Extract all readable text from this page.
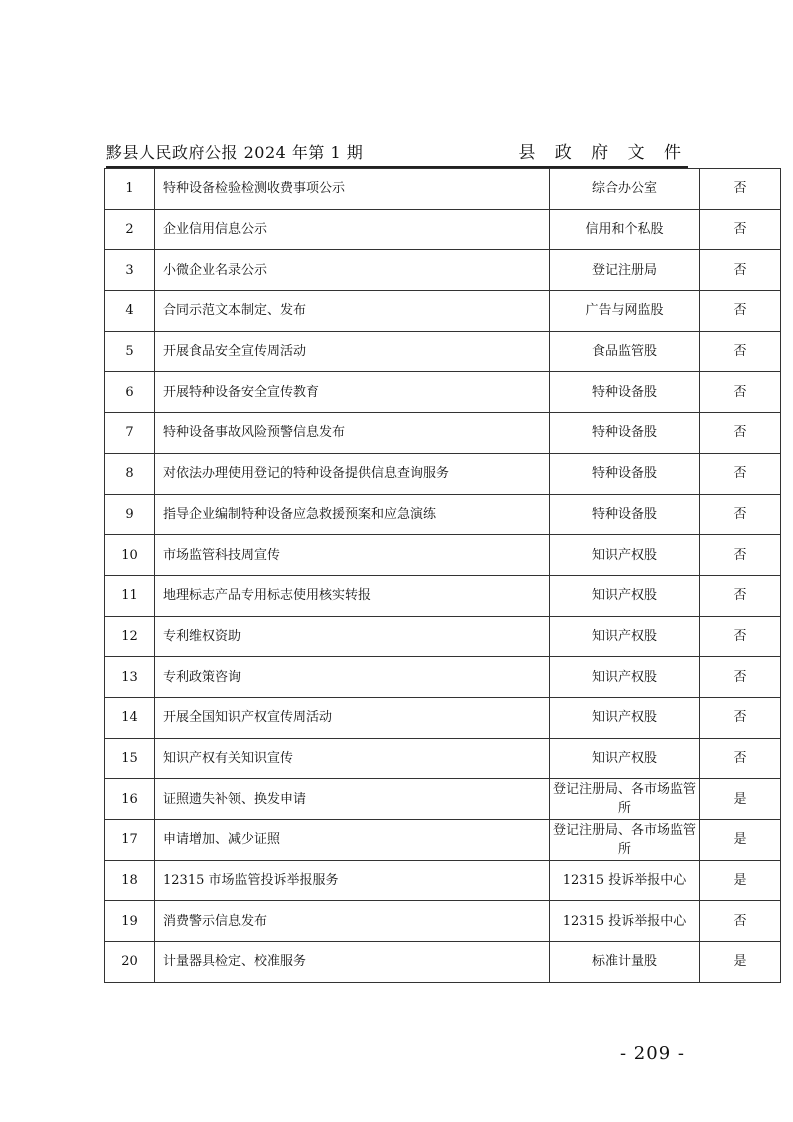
黟县人民政府公报 2024 年第 1 期	县 政 府 文 件
1	特种设备检验检测收费事项公示	综合办公室	否
2	企业信用信息公示	信用和个私股	否
3	小微企业名录公示	登记注册局	否
4	合同示范文本制定、发布	广告与网监股	否
5	开展食品安全宣传周活动	食品监管股	否
6	开展特种设备安全宣传教育	特种设备股	否
7	特种设备事故风险预警信息发布	特种设备股	否
8	对依法办理使用登记的特种设备提供信息查询服务	特种设备股	否
9	指导企业编制特种设备应急救援预案和应急演练	特种设备股	否
10	市场监管科技周宣传	知识产权股	否
11	地理标志产品专用标志使用核实转报	知识产权股	否
12	专利维权资助	知识产权股	否
13	专利政策咨询	知识产权股	否
14	开展全国知识产权宣传周活动	知识产权股	否
15	知识产权有关知识宣传	知识产权股	否
16	证照遗失补领、换发申请	登记注册局、各市场监管所	是
17	申请增加、减少证照	登记注册局、各市场监管所	是
18	12315 市场监管投诉举报服务	12315 投诉举报中心	是
19	消费警示信息发布	12315 投诉举报中心	否
20	计量器具检定、校准服务	标准计量股	是
- 209 -
